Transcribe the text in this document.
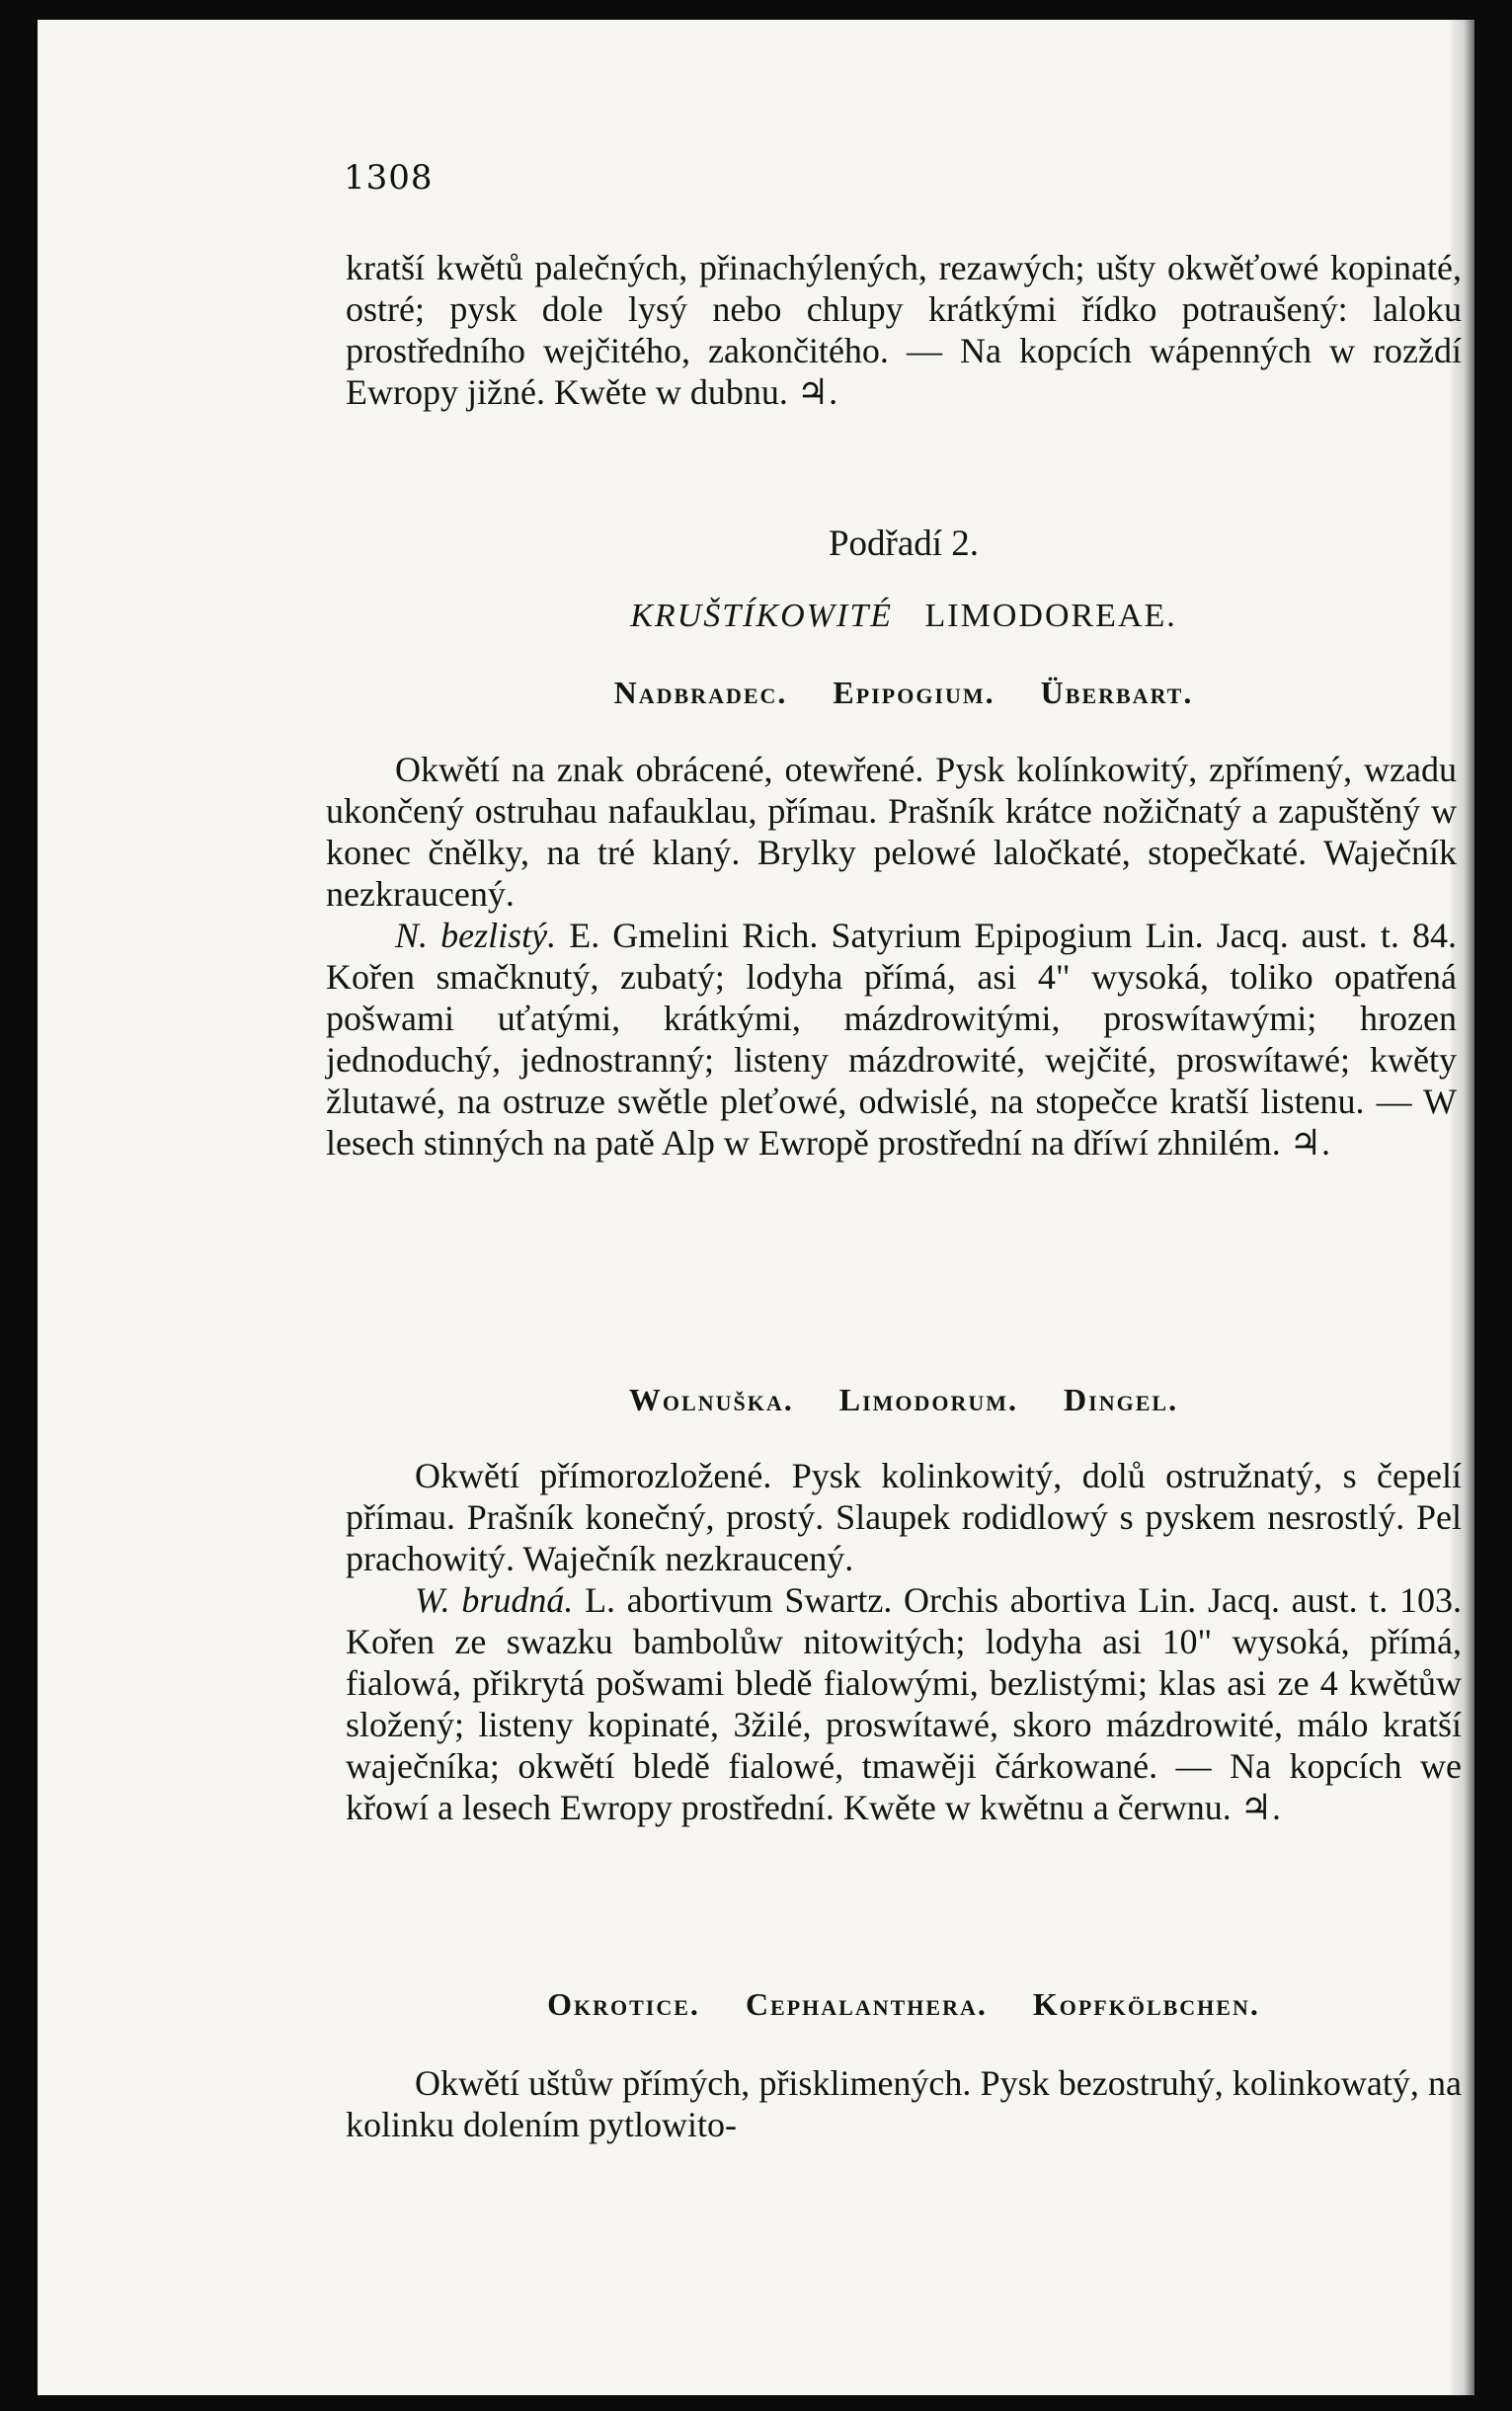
1308

kratší kwětů palečných, přinachýlených, rezawých; ušty okwěťowé kopinaté, ostré; pysk dole lysý nebo chlupy krátkými řídko potraušený: laloku prostředního wejčitého, zakončitého. — Na kopcích wápenných w rozždí Ewropy jižné. Kwěte w dubnu. ♃.

Podřadí 2.
KRUŠTÍKOWITÉ LIMODOREAE.
Nadbradec. Epipogium. Überbart.

Okwětí na znak obrácené, otewřené. Pysk kolínkowitý, zpřímený, wzadu ukončený ostruhau nafauklau, přímau. Prašník krátce nožičnatý a zapuštěný w konec čnělky, na tré klaný. Brylky pelowé laločkaté, stopečkaté. Waječník nezkraucený.

N. bezlistý. E. Gmelini Rich. Satyrium Epipogium Lin. Jacq. aust. t. 84. Kořen smačknutý, zubatý; lodyha přímá, asi 4" wysoká, toliko opatřená pošwami uťatými, krátkými, mázdrowitými, proswítawými; hrozen jednoduchý, jednostranný; listeny mázdrowité, wejčité, proswítawé; kwěty žlutawé, na ostruze swětle pleťowé, odwislé, na stopečce kratší listenu. — W lesech stinných na patě Alp w Ewropě prostřední na dříwí zhnilém. ♃.

Wolnuška. Limodorum. Dingel.

Okwětí přímorozložené. Pysk kolinkowitý, dolů ostružnatý, s čepelí přímau. Prašník konečný, prostý. Slaupek rodidlowý s pyskem nesrostlý. Pel prachowitý. Waječník nezkraucený.

W. brudná. L. abortivum Swartz. Orchis abortiva Lin. Jacq. aust. t. 103. Kořen ze swazku bambolůw nitowitých; lodyha asi 10" wysoká, přímá, fialowá, přikrytá pošwami bledě fialowými, bezlistými; klas asi ze 4 kwětůw složený; listeny kopinaté, 3žilé, proswítawé, skoro mázdrowité, málo kratší waječníka; okwětí bledě fialowé, tmawěji čárkowané. — Na kopcích we křowí a lesech Ewropy prostřední. Kwěte w kwětnu a čerwnu. ♃.

Okroticе. Cephalanthera. Kopfkölbchen.

Okwětí uštůw přímých, přisklimených. Pysk bezostruhý, kolinkowatý, na kolinku dolením pytlowito-
